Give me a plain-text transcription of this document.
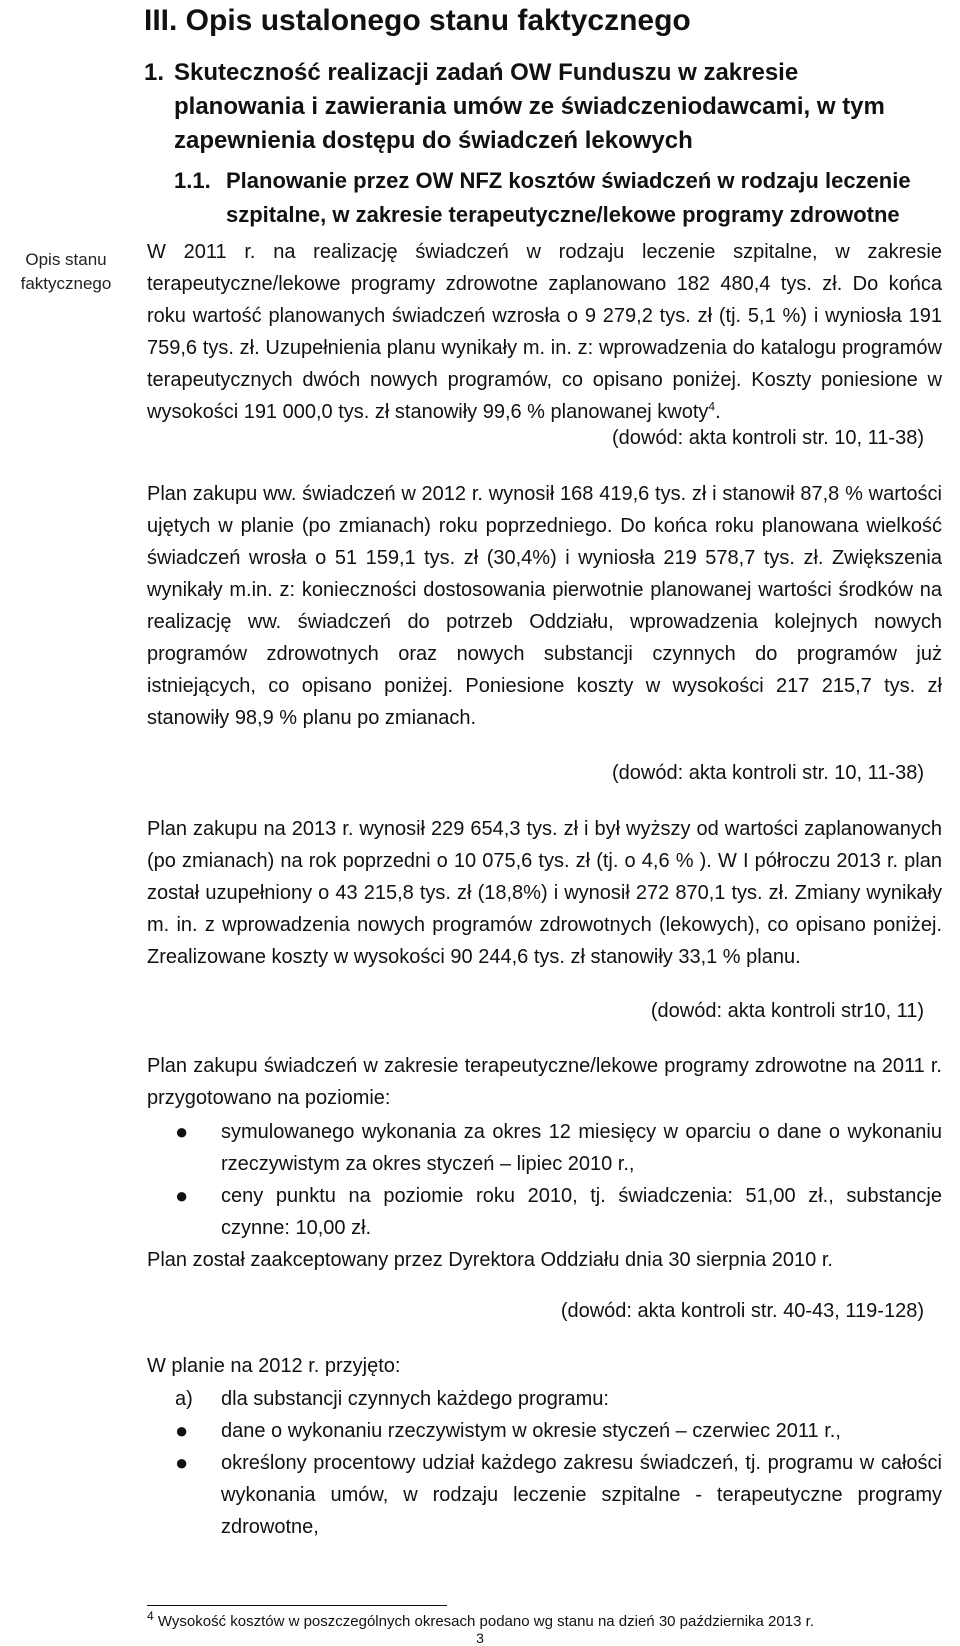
III. Opis ustalonego stanu faktycznego
1. Skuteczność realizacji zadań OW Funduszu w zakresie planowania i zawierania umów ze świadczeniodawcami, w tym zapewnienia dostępu do świadczeń lekowych
1.1. Planowanie przez OW NFZ kosztów świadczeń w rodzaju leczenie szpitalne, w zakresie terapeutyczne/lekowe programy zdrowotne
Opis stanu faktycznego
W 2011 r. na realizację świadczeń w rodzaju leczenie szpitalne, w zakresie terapeutyczne/lekowe programy zdrowotne zaplanowano 182 480,4 tys. zł. Do końca roku wartość planowanych świadczeń wzrosła o 9 279,2 tys. zł (tj. 5,1 %) i wyniosła 191 759,6 tys. zł. Uzupełnienia planu wynikały m. in. z: wprowadzenia do katalogu programów terapeutycznych dwóch nowych programów, co opisano poniżej. Koszty poniesione w wysokości 191 000,0 tys. zł stanowiły 99,6 % planowanej kwoty$^4$.
(dowód: akta kontroli str. 10, 11-38)
Plan zakupu ww. świadczeń w 2012 r. wynosił 168 419,6 tys. zł i stanowił 87,8 % wartości ujętych w planie (po zmianach) roku poprzedniego. Do końca roku planowana wielkość świadczeń wrosła o 51 159,1 tys. zł (30,4%) i wyniosła 219 578,7 tys. zł. Zwiększenia wynikały m.in. z: konieczności dostosowania pierwotnie planowanej wartości środków na realizację ww. świadczeń do potrzeb Oddziału, wprowadzenia kolejnych nowych programów zdrowotnych oraz nowych substancji czynnych do programów już istniejących, co opisano poniżej. Poniesione koszty w wysokości 217 215,7 tys. zł stanowiły 98,9 % planu po zmianach.
(dowód: akta kontroli str. 10, 11-38)
Plan zakupu na 2013 r. wynosił 229 654,3 tys. zł i był wyższy od wartości zaplanowanych (po zmianach) na rok poprzedni o 10 075,6 tys. zł (tj. o 4,6 % ). W I półroczu 2013 r. plan został uzupełniony o 43 215,8 tys. zł (18,8%) i wynosił 272 870,1 tys. zł. Zmiany wynikały m. in. z wprowadzenia nowych programów zdrowotnych (lekowych), co opisano poniżej. Zrealizowane koszty w wysokości 90 244,6 tys. zł stanowiły 33,1 % planu.
(dowód: akta kontroli str10, 11)
Plan zakupu świadczeń w zakresie terapeutyczne/lekowe programy zdrowotne na 2011 r. przygotowano na poziomie:
● symulowanego wykonania za okres 12 miesięcy w oparciu o dane o wykonaniu rzeczywistym za okres styczeń – lipiec 2010 r.,
● ceny punktu na poziomie roku 2010, tj. świadczenia: 51,00 zł., substancje czynne: 10,00 zł.
Plan został zaakceptowany przez Dyrektora Oddziału dnia 30 sierpnia 2010 r.
(dowód: akta kontroli str. 40-43, 119-128)
W planie na 2012 r. przyjęto:
a) dla substancji czynnych każdego programu:
● dane o wykonaniu rzeczywistym w okresie styczeń – czerwiec 2011 r.,
● określony procentowy udział każdego zakresu świadczeń, tj. programu w całości wykonania umów, w rodzaju leczenie szpitalne - terapeutyczne programy zdrowotne,
$^4$ Wysokość kosztów w poszczególnych okresach podano wg stanu na dzień 30 października 2013 r.
3
